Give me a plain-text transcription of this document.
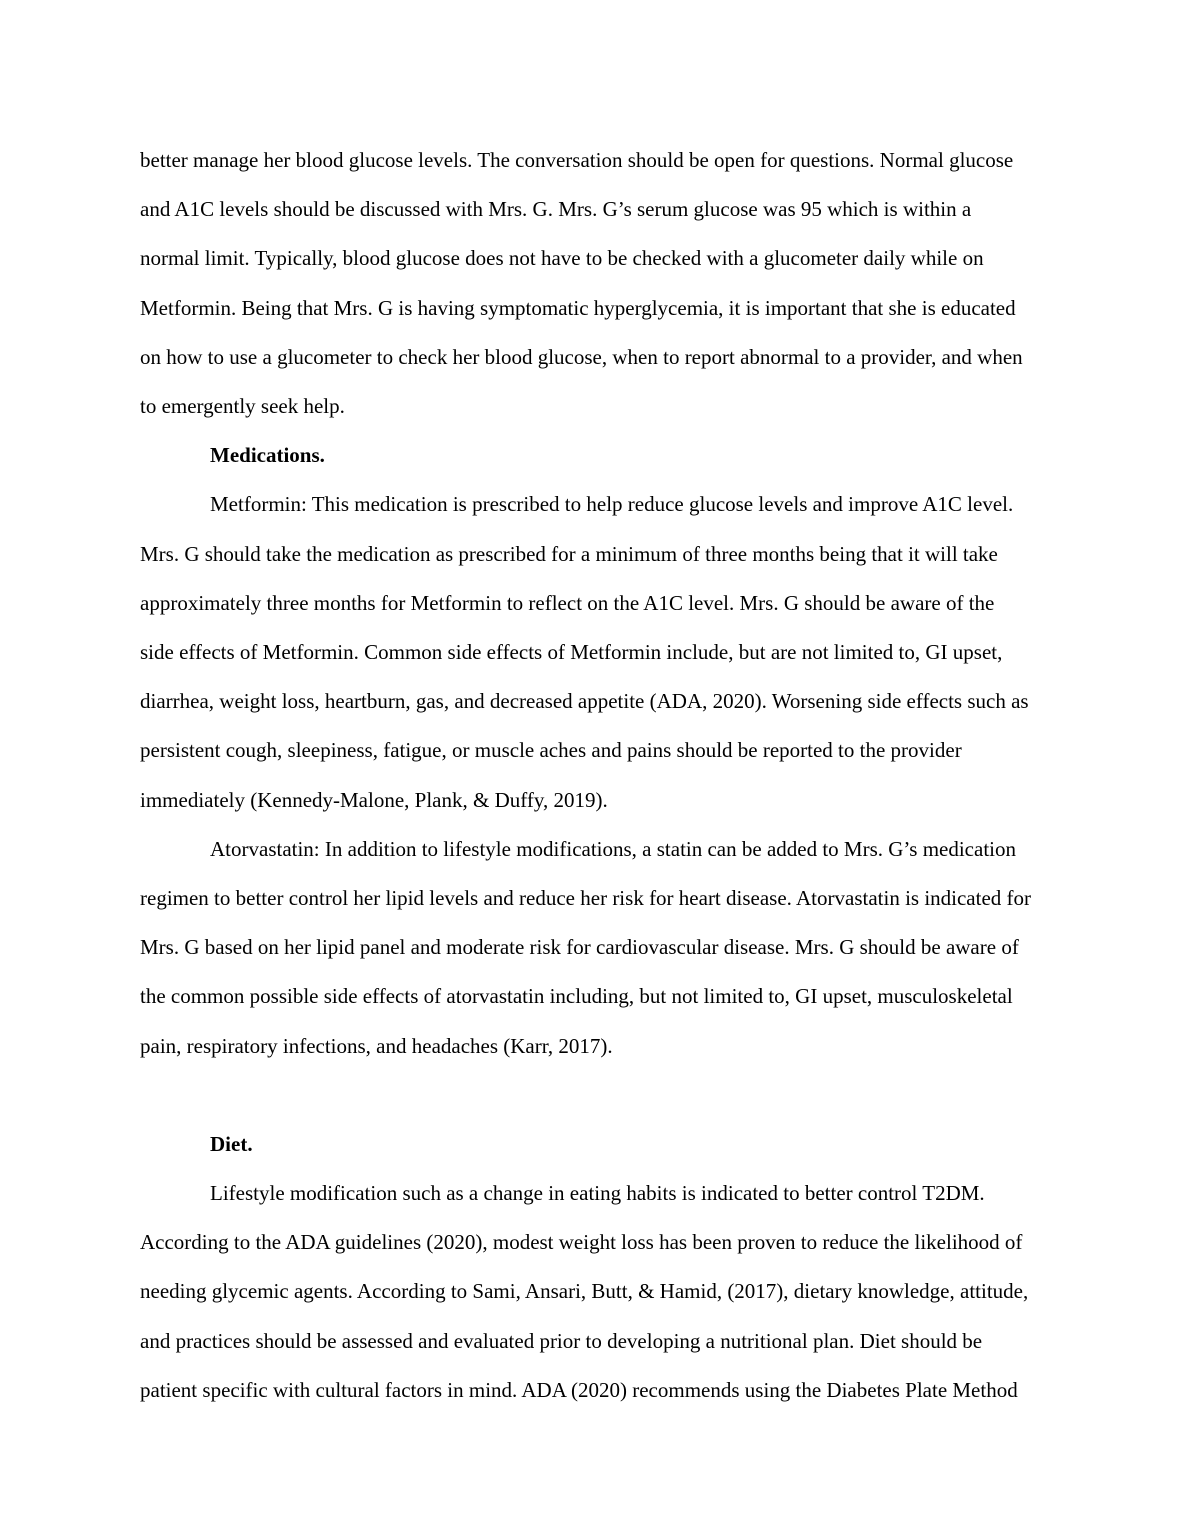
better manage her blood glucose levels. The conversation should be open for questions. Normal glucose
and A1C levels should be discussed with Mrs. G. Mrs. G’s serum glucose was 95 which is within a
normal limit. Typically, blood glucose does not have to be checked with a glucometer daily while on
Metformin. Being that Mrs. G is having symptomatic hyperglycemia, it is important that she is educated
on how to use a glucometer to check her blood glucose, when to report abnormal to a provider, and when
to emergently seek help.
Medications.
Metformin: This medication is prescribed to help reduce glucose levels and improve A1C level.
Mrs. G should take the medication as prescribed for a minimum of three months being that it will take
approximately three months for Metformin to reflect on the A1C level. Mrs. G should be aware of the
side effects of Metformin. Common side effects of Metformin include, but are not limited to, GI upset,
diarrhea, weight loss, heartburn, gas, and decreased appetite (ADA, 2020). Worsening side effects such as
persistent cough, sleepiness, fatigue, or muscle aches and pains should be reported to the provider
immediately (Kennedy-Malone, Plank, & Duffy, 2019).
Atorvastatin: In addition to lifestyle modifications, a statin can be added to Mrs. G’s medication
regimen to better control her lipid levels and reduce her risk for heart disease. Atorvastatin is indicated for
Mrs. G based on her lipid panel and moderate risk for cardiovascular disease. Mrs. G should be aware of
the common possible side effects of atorvastatin including, but not limited to, GI upset, musculoskeletal
pain, respiratory infections, and headaches (Karr, 2017).
Diet.
Lifestyle modification such as a change in eating habits is indicated to better control T2DM.
According to the ADA guidelines (2020), modest weight loss has been proven to reduce the likelihood of
needing glycemic agents. According to Sami, Ansari, Butt, & Hamid, (2017), dietary knowledge, attitude,
and practices should be assessed and evaluated prior to developing a nutritional plan. Diet should be
patient specific with cultural factors in mind. ADA (2020) recommends using the Diabetes Plate Method
